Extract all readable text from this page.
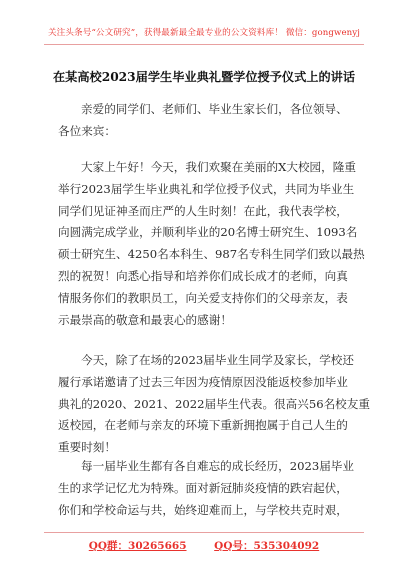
关注头条号“公文研究”，获得最新最全最专业的公文资料库！ 微信：gongwenyj
在某高校2023届学生毕业典礼暨学位授予仪式上的讲话
亲爱的同学们、老师们、毕业生家长们，各位领导、
各位来宾：
大家上午好！今天，我们欢聚在美丽的X大校园，隆重
举行2023届学生毕业典礼和学位授予仪式，共同为毕业生
同学们见证神圣而庄严的人生时刻！在此，我代表学校，
向圆满完成学业，并顺利毕业的20名博士研究生、1093名
硕士研究生、4250名本科生、987名专科生同学们致以最热
烈的祝贺！向悉心指导和培养你们成长成才的老师，向真
情服务你们的教职员工，向关爱支持你们的父母亲友，表
示最崇高的敬意和最衷心的感谢！
今天，除了在场的2023届毕业生同学及家长，学校还
履行承诺邀请了过去三年因为疫情原因没能返校参加毕业
典礼的2020、2021、2022届毕生代表。很高兴56名校友重
返校园，在老师与亲友的环境下重新拥抱属于自己人生的
重要时刻！
每一届毕业生都有各自难忘的成长经历，2023届毕业
生的求学记忆尤为特殊。面对新冠肺炎疫情的跌宕起伏，
你们和学校命运与共，始终迎难而上，与学校共克时艰，
QQ群：30265665	QQ号：535304092
